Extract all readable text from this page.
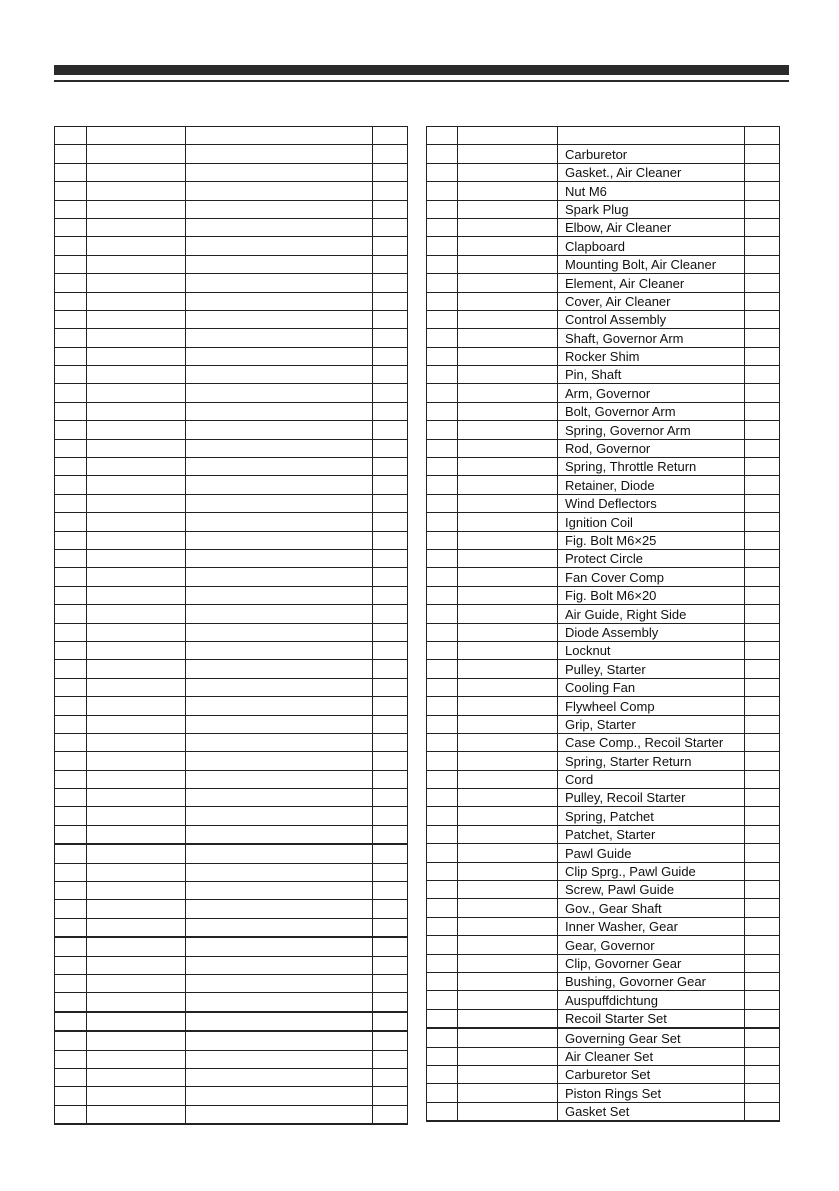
		Carburetor	
		Gasket., Air Cleaner	
		Nut M6	
		Spark Plug	
		Elbow, Air Cleaner	
		Clapboard	
		Mounting Bolt, Air Cleaner	
		Element, Air Cleaner	
		Cover, Air Cleaner	
		Control Assembly	
		Shaft, Governor Arm	
		Rocker Shim	
		Pin, Shaft	
		Arm, Governor	
		Bolt, Governor Arm	
		Spring, Governor Arm	
		Rod, Governor	
		Spring, Throttle Return	
		Retainer, Diode	
		Wind Deflectors	
		Ignition Coil	
		Fig. Bolt M6×25	
		Protect Circle	
		Fan Cover Comp	
		Fig. Bolt M6×20	
		Air Guide, Right Side	
		Diode Assembly	
		Locknut	
		Pulley, Starter	
		Cooling Fan	
		Flywheel Comp	
		Grip, Starter	
		Case Comp., Recoil Starter	
		Spring, Starter Return	
		Cord	
		Pulley, Recoil Starter	
		Spring, Patchet	
		Patchet, Starter	
		Pawl Guide	
		Clip Sprg., Pawl Guide	
		Screw, Pawl Guide	
		Gov., Gear Shaft	
		Inner Washer, Gear	
		Gear, Governor	
		Clip, Govorner Gear	
		Bushing, Govorner Gear	
		Auspuffdichtung	
		Recoil Starter Set	
		Governing Gear Set	
		Air Cleaner Set	
		Carburetor Set	
		Piston Rings Set	
		Gasket Set	
